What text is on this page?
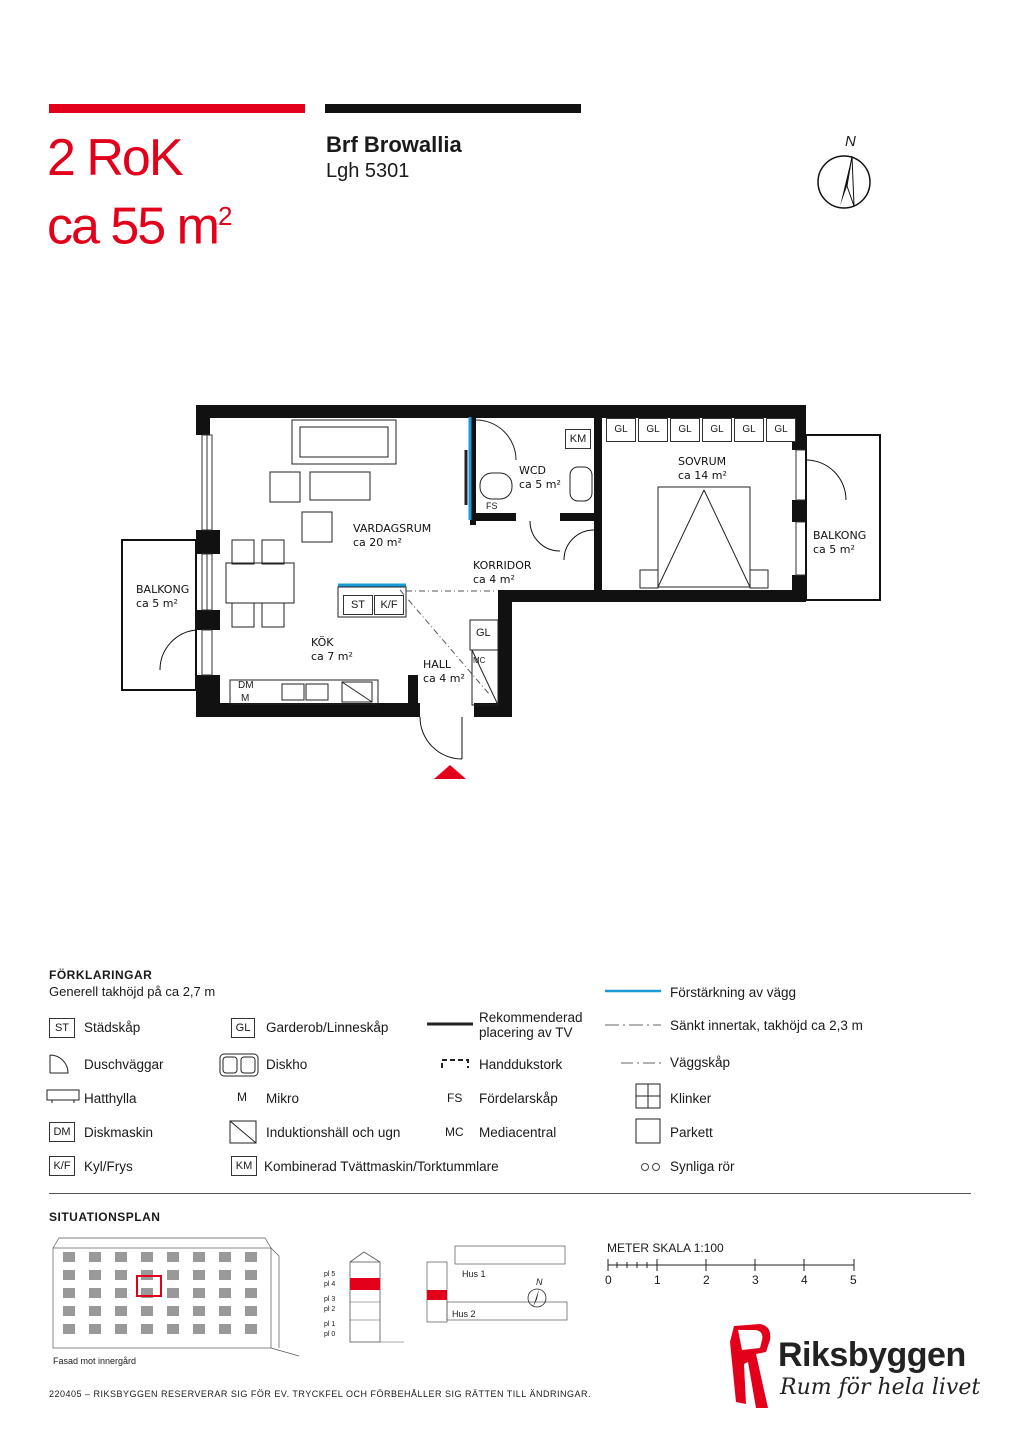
2 RoK
ca 55 $m^2$
Brf Browallia
Lgh 5301
N
VARDAGSRUM
ca 20 m²
WCD
ca 5 m²
SOVRUM
ca 14 m²
BALKONG
ca 5 m²
BALKONG
ca 5 m²
KORRIDOR
ca 4 m²
KÖK
ca 7 m²
HALL
ca 4 m²
KM
FS
ST	K/F
GL
MC
DM
M
GL	GL	GL	GL	GL	GL
FÖRKLARINGAR
Generell takhöjd på ca 2,7 m
ST	Städskåp
Duschväggar
Hatthylla
DM Diskmaskin
K/F Kyl/Frys
GL	Garderob/Linneskåp
Diskho
M Mikro
Induktionshäll och ugn
KM Kombinerad Tvättmaskin/Torktummlare
Rekommenderad placering av TV
Handdukstork
FS Fördelarskåp
MC Mediacentral
Förstärkning av vägg
Sänkt innertak, takhöjd ca 2,3 m
Väggskåp
Klinker
Parkett
Synliga rör
SITUATIONSPLAN
Fasad mot innergård
pl 5
pl 4
pl 3
pl 2
pl 1
pl 0
Hus 1
Hus 2
N
METER SKALA 1:100
0	1	2	3	4	5
220405 – RIKSBYGGEN RESERVERAR SIG FÖR EV. TRYCKFEL OCH FÖRBEHÅLLER SIG RÄTTEN TILL ÄNDRINGAR.
Riksbyggen
Rum för hela livet
